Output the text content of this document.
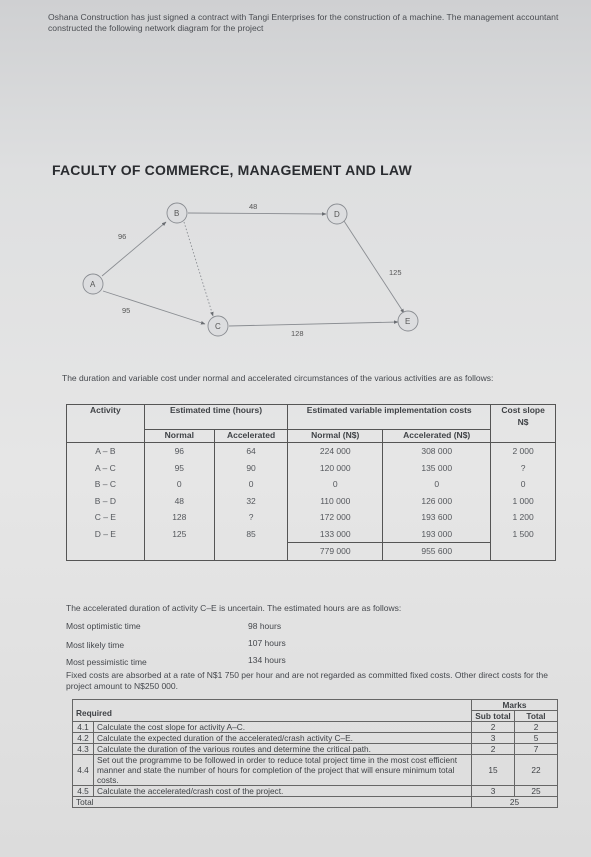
Oshana Construction has just signed a contract with Tangi Enterprises for the construction of a machine. The management accountant constructed the following network diagram for the project
FACULTY OF COMMERCE, MANAGEMENT AND LAW
A
B
C
D
E
96
95
48
128
125
The duration and variable cost under normal and accelerated circumstances of the various activities are as follows:
Activity	Estimated time (hours)		Estimated variable implementation costs		Cost slope
					N$
	Normal	Accelerated	Normal (N$)	Accelerated (N$)	
A – B	96	64	224 000	308 000	2 000
A – C	95	90	120 000	135 000	?
B – C	0	0	0	0	0
B – D	48	32	110 000	126 000	1 000
C – E	128	?	172 000	193 600	1 200
D – E	125	85	133 000	193 000	1 500
			779 000	955 600	
The accelerated duration of activity C–E is uncertain. The estimated hours are as follows:
Most optimistic time	98 hours
Most likely time	107 hours
Most pessimistic time	134 hours
Fixed costs are absorbed at a rate of N$1 750 per hour and are not regarded as committed fixed costs. Other direct costs for the project amount to N$250 000.
Required		Marks	
		Sub total	Total

4.1	Calculate the cost slope for activity A–C.	2	2
4.2	Calculate the expected duration of the accelerated/crash activity C–E.	3	5
4.3	Calculate the duration of the various routes and determine the critical path.	2	7
4.4	Set out the programme to be followed in order to reduce total project time in the most cost efficient manner and state the number of hours for completion of the project that will ensure minimum total costs.	15	22
4.5	Calculate the accelerated/crash cost of the project.	3	25
Total		25	
